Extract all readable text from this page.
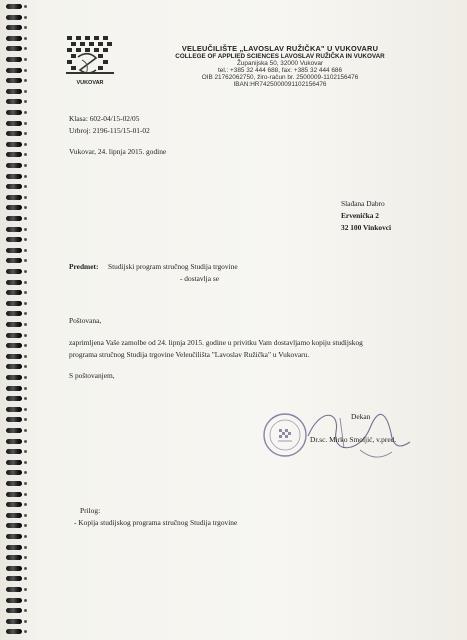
VUKOVAR
VELEUČILIŠTE „LAVOSLAV RUŽIČKA" U VUKOVARU
COLLEGE OF APPLIED SCIENCES LAVOSLAV RUŽIČKA IN VUKOVAR
Županijska 50, 32000 Vukovar
tel.: +385 32 444 688, fax: +385 32 444 686
OIB 21762062750, žiro-račun br. 2500009-1102156476
IBAN:HR7425000091102156476
Klasa: 602-04/15-02/05
Urbroj: 2196-115/15-01-02
Vukovar, 24. lipnja 2015. godine
Slađana Dabro
Ervenička 2
32 100 Vinkovci
Predmet: Studijski program stručnog Studija trgovine
- dostavlja se
Poštovana,
zaprimljena Vaše zamolbe od 24. lipnja 2015. godine u privitku Vam dostavljamo kopiju studijskog
programa stručnog Studija trgovine Veleučilišta "Lavoslav Ružička" u Vukovaru.
S poštovanjem,
Dekan
Dr.sc. Mirko Smoljić, v.pred.
Prilog:
- Kopija studijskog programa stručnog Studija trgovine
